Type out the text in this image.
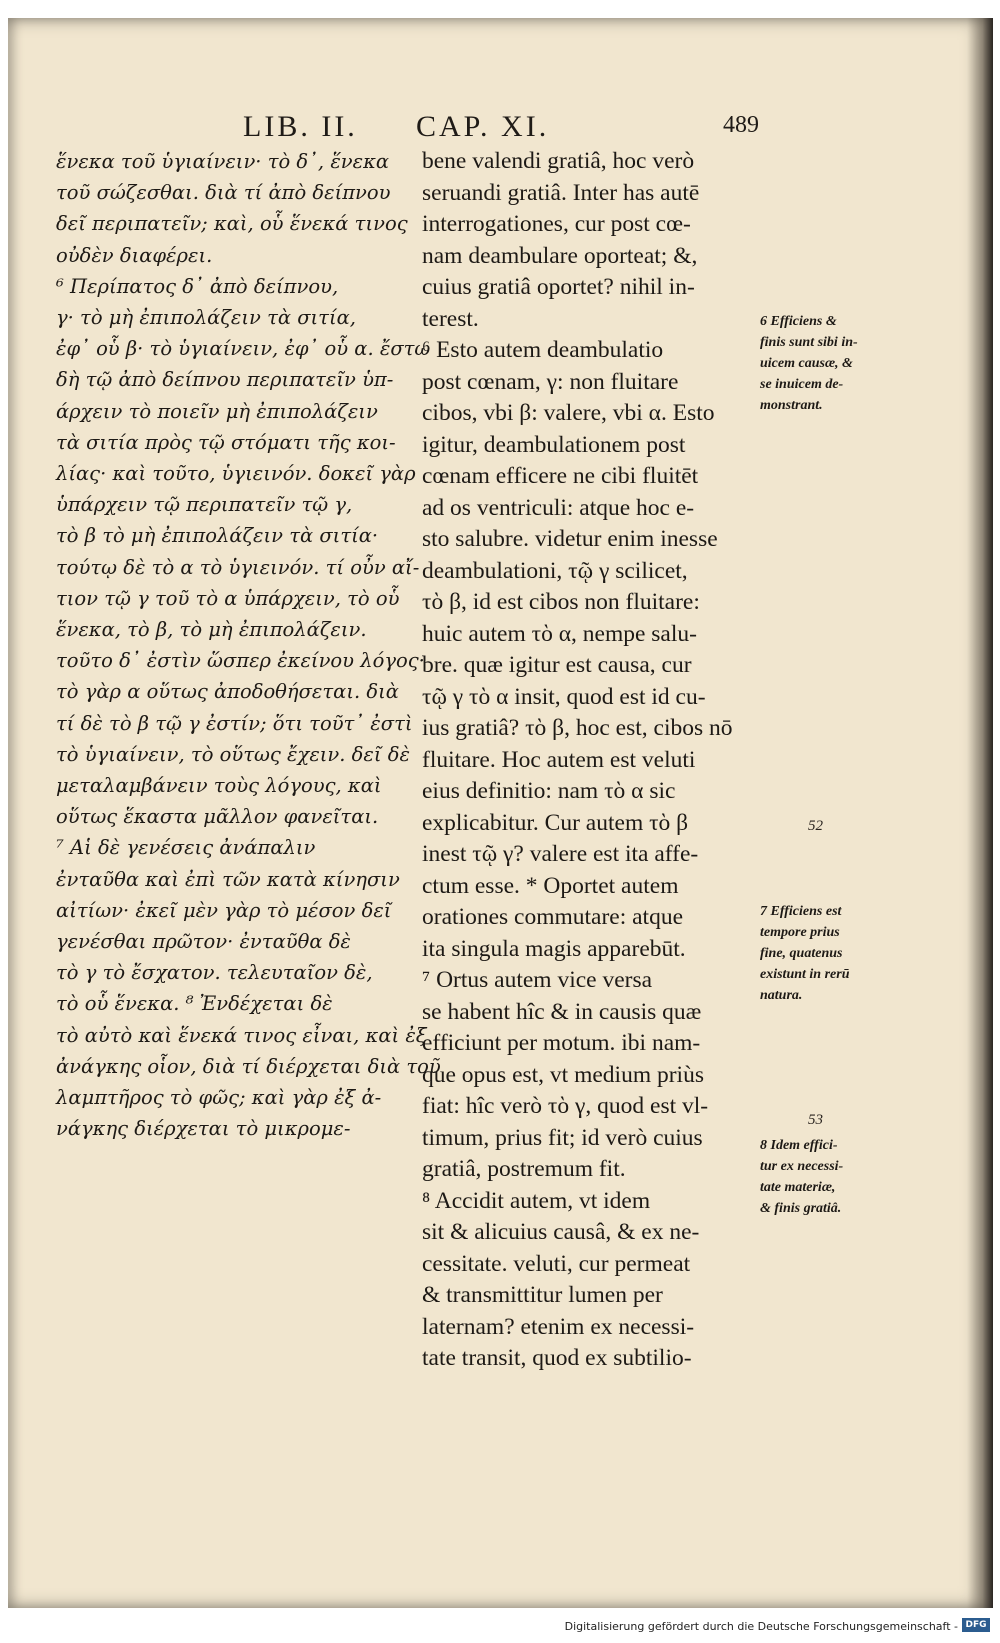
LIB. II. CAP. XI.	489
ἕνεκα τοῦ ὑγιαίνειν· τὸ δ᾽, ἕνεκα
τοῦ σώζεσθαι. διὰ τί ἀπὸ δείπνου
δεῖ περιπατεῖν; καὶ, οὗ ἕνεκά τινος
οὐδὲν διαφέρει.
⁶ Περίπατος δ᾽ ἀπὸ δείπνου,
γ· τὸ μὴ ἐπιπολάζειν τὰ σιτία,
ἐφ᾽ οὗ β· τὸ ὑγιαίνειν, ἐφ᾽ οὗ α. ἔστω
δὴ τῷ ἀπὸ δείπνου περιπατεῖν ὑπ-
άρχειν τὸ ποιεῖν μὴ ἐπιπολάζειν
τὰ σιτία πρὸς τῷ στόματι τῆς κοι-
λίας· καὶ τοῦτο, ὑγιεινόν. δοκεῖ γὰρ
ὑπάρχειν τῷ περιπατεῖν τῷ γ,
τὸ β τὸ μὴ ἐπιπολάζειν τὰ σιτία·
τούτῳ δὲ τὸ α τὸ ὑγιεινόν. τί οὖν αἴ-
τιον τῷ γ τοῦ τὸ α ὑπάρχειν, τὸ οὗ
ἕνεκα, τὸ β, τὸ μὴ ἐπιπολάζειν.
τοῦτο δ᾽ ἐστὶν ὥσπερ ἐκείνου λόγος·
τὸ γὰρ α οὕτως ἀποδοθήσεται. διὰ
τί δὲ τὸ β τῷ γ ἐστίν; ὅτι τοῦτ᾽ ἐστὶ
τὸ ὑγιαίνειν, τὸ οὕτως ἔχειν. δεῖ δὲ
μεταλαμβάνειν τοὺς λόγους, καὶ
οὕτως ἕκαστα μᾶλλον φανεῖται.
⁷ Αἱ δὲ γενέσεις ἀνάπαλιν
ἐνταῦθα καὶ ἐπὶ τῶν κατὰ κίνησιν
αἰτίων· ἐκεῖ μὲν γὰρ τὸ μέσον δεῖ
γενέσθαι πρῶτον· ἐνταῦθα δὲ
τὸ γ τὸ ἔσχατον. τελευταῖον δὲ,
τὸ οὗ ἕνεκα. ⁸ Ἐνδέχεται δὲ
τὸ αὐτὸ καὶ ἕνεκά τινος εἶναι, καὶ ἐξ
ἀνάγκης οἷον, διὰ τί διέρχεται διὰ τοῦ
λαμπτῆρος τὸ φῶς; καὶ γὰρ ἐξ ἀ-
νάγκης διέρχεται τὸ μικρομε-
bene valendi gratiâ, hoc verò
seruandi gratiâ. Inter has autē
interrogationes, cur post cœ-
nam deambulare oporteat; &,
cuius gratiâ oportet? nihil in-
terest.
⁶ Esto autem deambulatio
post cœnam, γ: non fluitare
cibos, vbi β: valere, vbi α. Esto
igitur, deambulationem post
cœnam efficere ne cibi fluitēt
ad os ventriculi: atque hoc e-
sto salubre. videtur enim inesse
deambulationi, τῷ γ scilicet,
τὸ β, id est cibos non fluitare:
huic autem τὸ α, nempe salu-
bre. quæ igitur est causa, cur
τῷ γ τὸ α insit, quod est id cu-
ius gratiâ? τὸ β, hoc est, cibos nō
fluitare. Hoc autem est veluti
eius definitio: nam τὸ α sic
explicabitur. Cur autem τὸ β
inest τῷ γ? valere est ita affe-
ctum esse. * Oportet autem
orationes commutare: atque
ita singula magis apparebūt.
⁷ Ortus autem vice versa
se habent hîc & in causis quæ
efficiunt per motum. ibi nam-
que opus est, vt medium priùs
fiat: hîc verò τὸ γ, quod est vl-
timum, prius fit; id verò cuius
gratiâ, postremum fit.
⁸ Accidit autem, vt idem
sit & alicuius causâ, & ex ne-
cessitate. veluti, cur permeat
& transmittitur lumen per
laternam? etenim ex necessi-
tate transit, quod ex subtilio-
6 Efficiens &
finis sunt sibi in-
uicem causæ, &
se inuicem de-
monstrant.
52
7 Efficiens est
tempore prius
fine, quatenus
existunt in rerū
natura.
53
8 Idem effici-
tur ex necessi-
tate materiæ,
& finis gratiâ.
Digitalisierung gefördert durch die Deutsche Forschungsgemeinschaft - DFG
